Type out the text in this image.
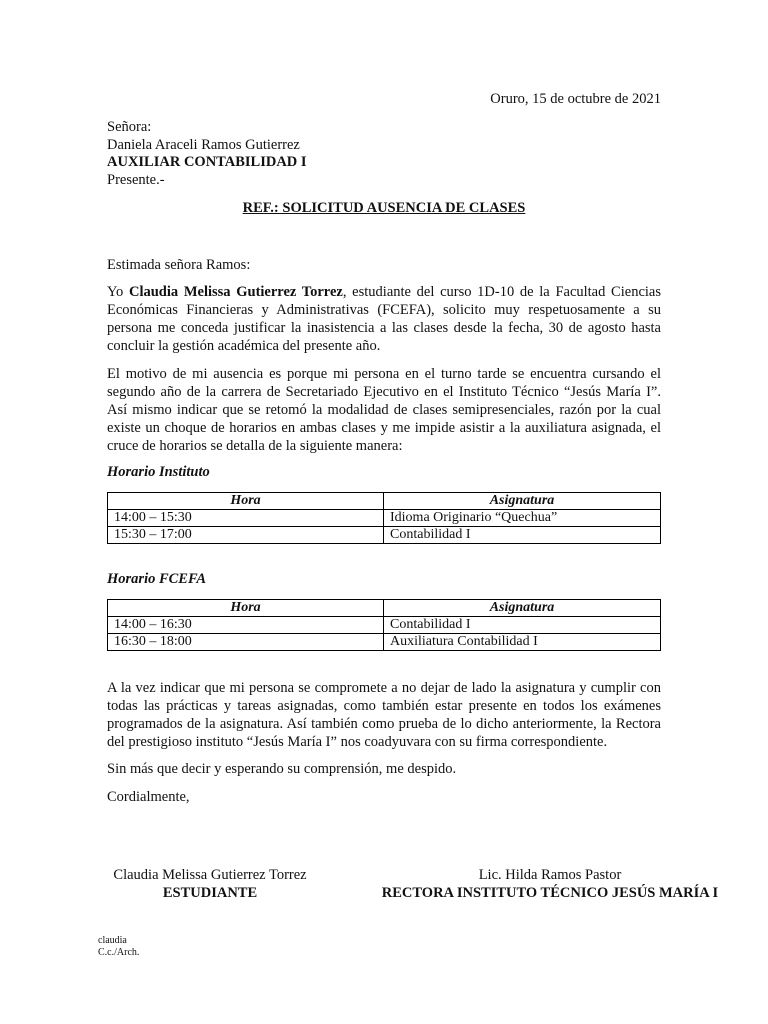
Oruro, 15 de octubre de 2021
Señora:
Daniela Araceli Ramos Gutierrez
AUXILIAR CONTABILIDAD I
Presente.-
REF.: SOLICITUD AUSENCIA DE CLASES
Estimada señora Ramos:

Yo Claudia Melissa Gutierrez Torrez, estudiante del curso 1D-10 de la Facultad Ciencias Económicas Financieras y Administrativas (FCEFA), solicito muy respetuosamente a su persona me conceda justificar la inasistencia a las clases desde la fecha, 30 de agosto hasta concluir la gestión académica del presente año.

El motivo de mi ausencia es porque mi persona en el turno tarde se encuentra cursando el segundo año de la carrera de Secretariado Ejecutivo en el Instituto Técnico “Jesús María I”. Así mismo indicar que se retomó la modalidad de clases semipresenciales, razón por la cual existe un choque de horarios en ambas clases y me impide asistir a la auxiliatura asignada, el cruce de horarios se detalla de la siguiente manera:
Horario Instituto
Hora	Asignatura
14:00 – 15:30	Idioma Originario “Quechua”
15:30 – 17:00	Contabilidad I
Horario FCEFA
Hora	Asignatura
14:00 – 16:30	Contabilidad I
16:30 – 18:00	Auxiliatura Contabilidad I
A la vez indicar que mi persona se compromete a no dejar de lado la asignatura y cumplir con todas las prácticas y tareas asignadas, como también estar presente en todos los exámenes programados de la asignatura. Así también como prueba de lo dicho anteriormente, la Rectora del prestigioso instituto “Jesús María I” nos coadyuvara con su firma correspondiente.
Sin más que decir y esperando su comprensión, me despido.
Cordialmente,
Claudia Melissa Gutierrez Torrez
ESTUDIANTE
Lic. Hilda Ramos Pastor
RECTORA INSTITUTO TÉCNICO JESÚS MARÍA I
claudia
C.c./Arch.
